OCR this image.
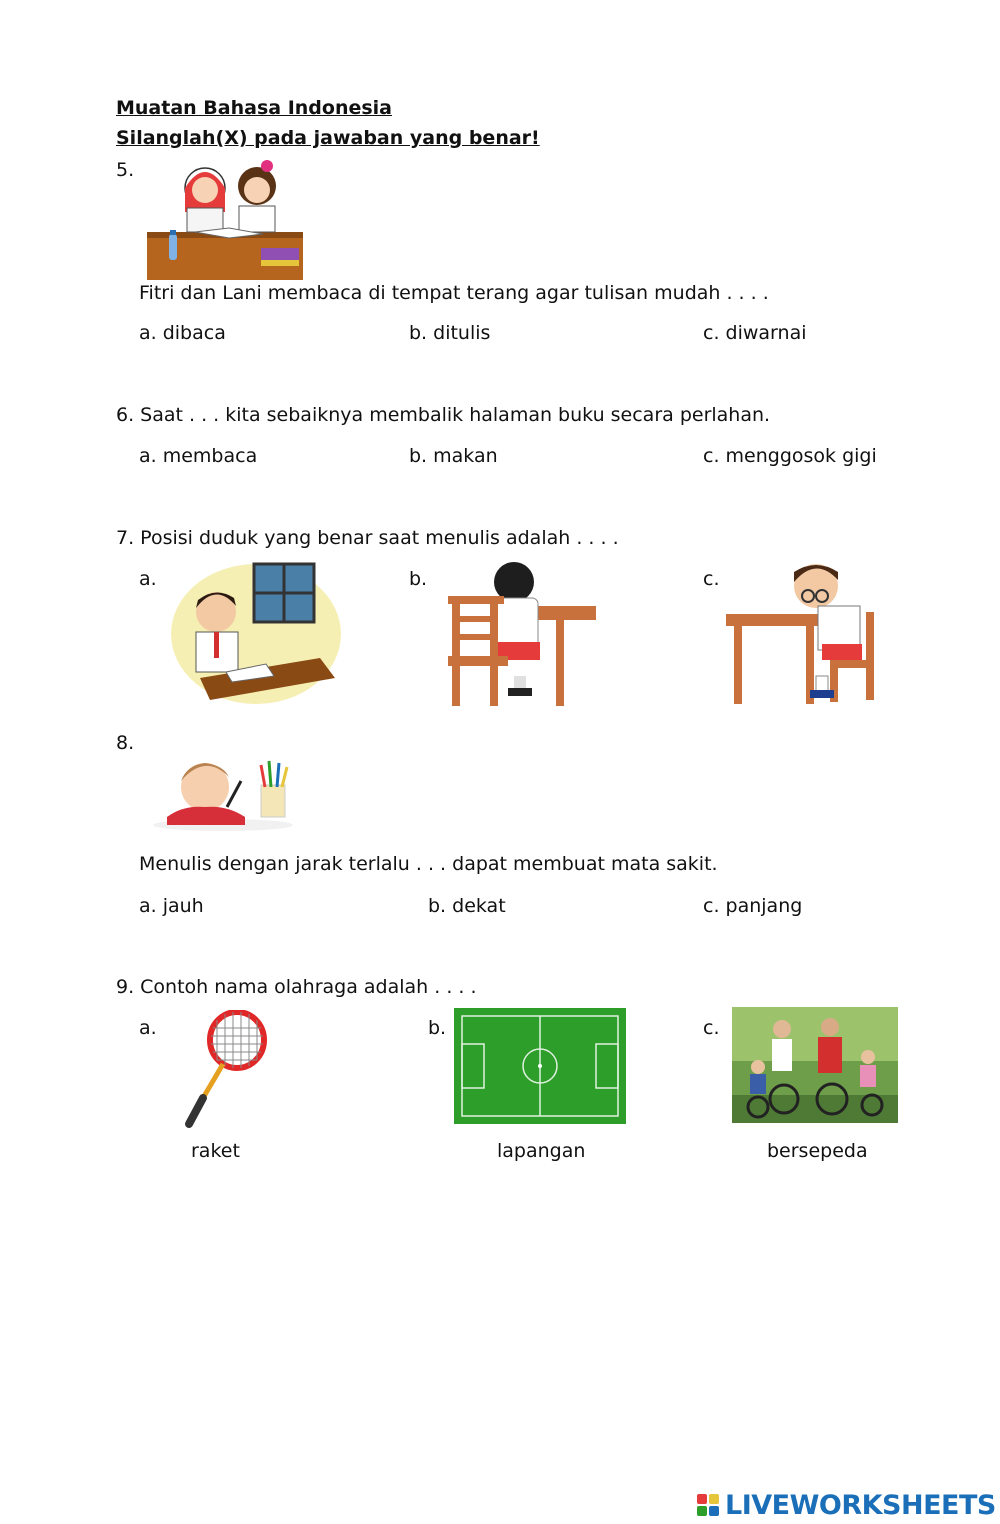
Muatan Bahasa Indonesia
Silanglah(X) pada jawaban yang benar!
5.
Fitri dan Lani membaca di tempat terang agar tulisan mudah . . . .
a. dibaca	b. ditulis	c. diwarnai
6. Saat . . . kita sebaiknya membalik halaman buku secara perlahan.
a. membaca	b. makan	c. menggosok gigi
7. Posisi duduk yang benar saat menulis adalah . . . .
a.	b.	c.
8.
Menulis dengan jarak terlalu . . . dapat membuat mata sakit.
a. jauh	b. dekat	c. panjang
9. Contoh nama olahraga adalah . . . .
a.	b.	c.
raket	lapangan	bersepeda
LIVEWORKSHEETS
